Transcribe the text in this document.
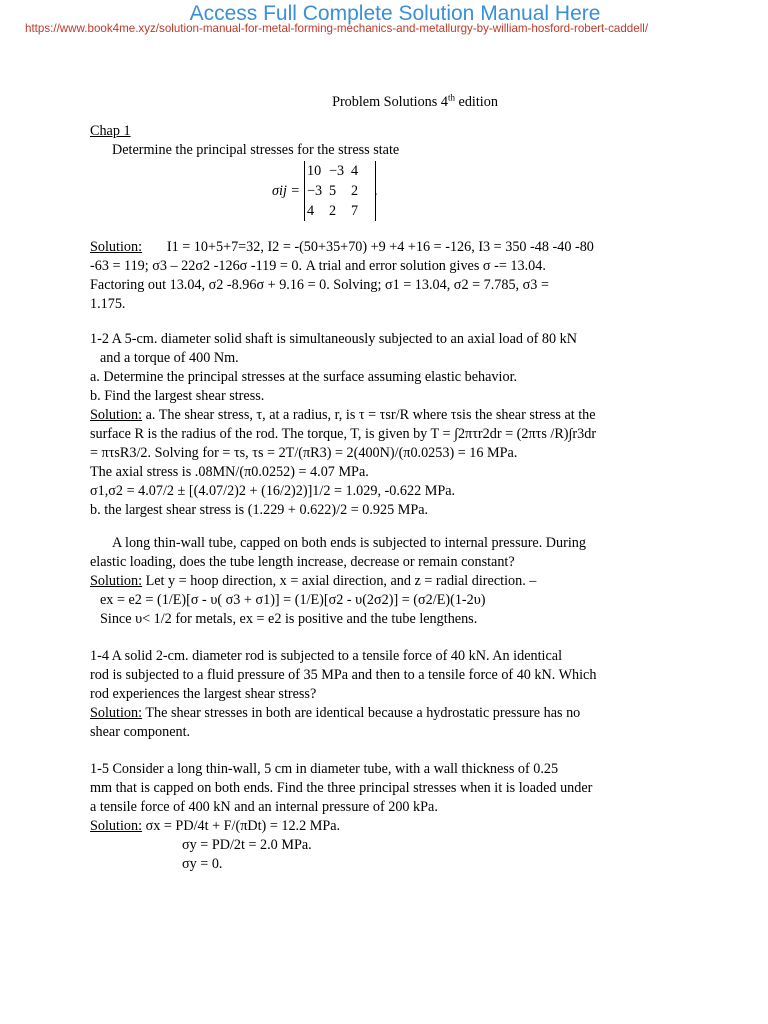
Access Full Complete Solution Manual Here
https://www.book4me.xyz/solution-manual-for-metal-forming-mechanics-and-metallurgy-by-william-hosford-robert-caddell/

Problem Solutions 4th edition

Chap 1

Determine the principal stresses for the stress state

σij =
10 −3 4
−3 5	2
4	2	7
.

Solution: I1 = 10+5+7=32, I2 = -(50+35+70) +9 +4 +16 = -126, I3 = 350 -48 -40 -80

-63 = 119; σ3 – 22σ2 -126σ -119 = 0. A trial and error solution gives σ -= 13.04.

Factoring out 13.04, σ2 -8.96σ + 9.16 = 0. Solving; σ1 = 13.04, σ2 = 7.785, σ3 =

1.175.

1-2 A 5-cm. diameter solid shaft is simultaneously subjected to an axial load of 80 kN

and a torque of 400 Nm.

a. Determine the principal stresses at the surface assuming elastic behavior.

b. Find the largest shear stress.

Solution: a. The shear stress, τ, at a radius, r, is τ = τsr/R where τsis the shear stress at the

surface R is the radius of the rod. The torque, T, is given by T = ∫2πτr2dr = (2πτs /R)∫r3dr

= πτsR3/2. Solving for = τs, τs = 2T/(πR3) = 2(400N)/(π0.0253) = 16 MPa.

The axial stress is .08MN/(π0.0252) = 4.07 MPa.

σ1,σ2 = 4.07/2 ± [(4.07/2)2 + (16/2)2)]1/2 = 1.029, -0.622 MPa.

b. the largest shear stress is (1.229 + 0.622)/2 = 0.925 MPa.

A long thin-wall tube, capped on both ends is subjected to internal pressure. During

elastic loading, does the tube length increase, decrease or remain constant?

Solution: Let y = hoop direction, x = axial direction, and z = radial direction. –

ex = e2 = (1/E)[σ - υ( σ3 + σ1)] = (1/E)[σ2 - υ(2σ2)] = (σ2/E)(1-2υ)

Since υ< 1/2 for metals, ex = e2 is positive and the tube lengthens.

1-4 A solid 2-cm. diameter rod is subjected to a tensile force of 40 kN. An identical

rod is subjected to a fluid pressure of 35 MPa and then to a tensile force of 40 kN. Which

rod experiences the largest shear stress?

Solution: The shear stresses in both are identical because a hydrostatic pressure has no

shear component.

1-5 Consider a long thin-wall, 5 cm in diameter tube, with a wall thickness of 0.25

mm that is capped on both ends. Find the three principal stresses when it is loaded under

a tensile force of 400 kN and an internal pressure of 200 kPa.

Solution: σx = PD/4t + F/(πDt) = 12.2 MPa.

σy = PD/2t = 2.0 MPa.

σy = 0.
